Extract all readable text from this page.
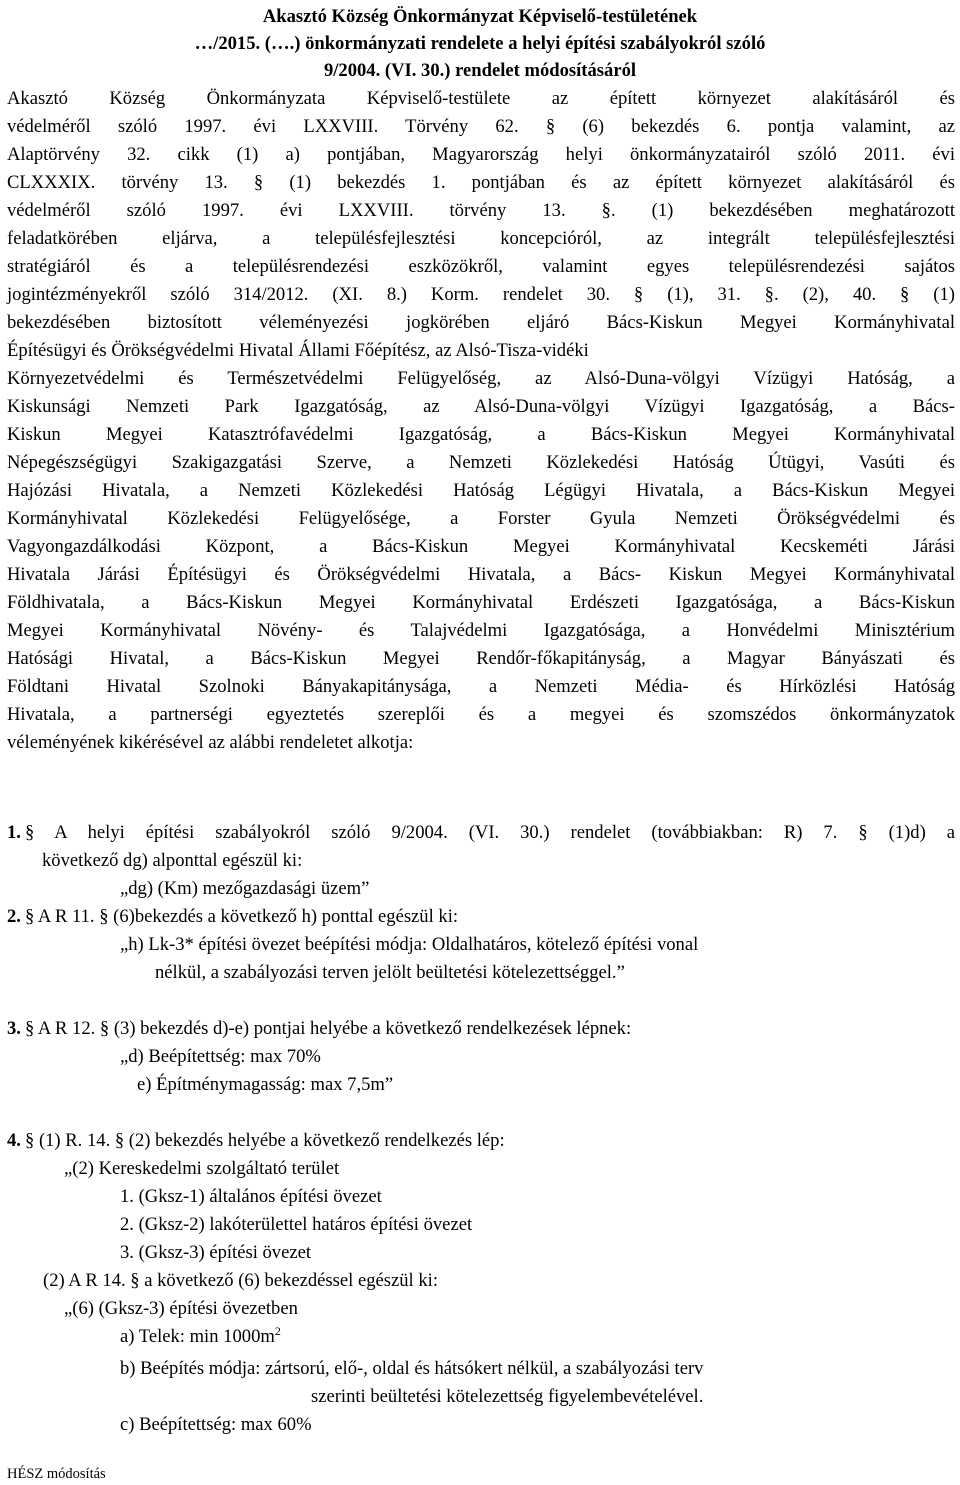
Akasztó Község Önkormányzat Képviselő-testületének
…/2015. (….) önkormányzati rendelete a helyi építési szabályokról szóló
9/2004. (VI. 30.) rendelet módosításáról
Akasztó Község Önkormányzata Képviselő-testülete az épített környezet alakításáról és
védelméről szóló 1997. évi LXXVIII. Törvény 62. § (6) bekezdés 6. pontja valamint, az
Alaptörvény 32. cikk (1) a) pontjában, Magyarország helyi önkormányzatairól szóló 2011. évi
CLXXXIX. törvény 13. § (1) bekezdés 1. pontjában és az épített környezet alakításáról és
védelméről szóló 1997. évi LXXVIII. törvény 13. §. (1) bekezdésében meghatározott
feladatkörében eljárva, a településfejlesztési koncepcióról, az integrált településfejlesztési
stratégiáról és a településrendezési eszközökről, valamint egyes településrendezési sajátos
jogintézményekről szóló 314/2012. (XI. 8.) Korm. rendelet 30. § (1), 31. §. (2), 40. § (1)
bekezdésében biztosított véleményezési jogkörében eljáró Bács-Kiskun Megyei Kormányhivatal
Építésügyi és Örökségvédelmi Hivatal Állami Főépítész, az Alsó-Tisza-vidéki
Környezetvédelmi és Természetvédelmi Felügyelőség, az Alsó-Duna-völgyi Vízügyi Hatóság, a
Kiskunsági Nemzeti Park Igazgatóság, az Alsó-Duna-völgyi Vízügyi Igazgatóság, a Bács-
Kiskun Megyei Katasztrófavédelmi Igazgatóság, a Bács-Kiskun Megyei Kormányhivatal
Népegészségügyi Szakigazgatási Szerve, a Nemzeti Közlekedési Hatóság Útügyi, Vasúti és
Hajózási Hivatala, a Nemzeti Közlekedési Hatóság Légügyi Hivatala, a Bács-Kiskun Megyei
Kormányhivatal Közlekedési Felügyelősége, a Forster Gyula Nemzeti Örökségvédelmi és
Vagyongazdálkodási Központ, a Bács-Kiskun Megyei Kormányhivatal Kecskeméti Járási
Hivatala Járási Építésügyi és Örökségvédelmi Hivatala, a Bács- Kiskun Megyei Kormányhivatal
Földhivatala, a Bács-Kiskun Megyei Kormányhivatal Erdészeti Igazgatósága, a Bács-Kiskun
Megyei Kormányhivatal Növény- és Talajvédelmi Igazgatósága, a Honvédelmi Minisztérium
Hatósági Hivatal, a Bács-Kiskun Megyei Rendőr-főkapitányság, a Magyar Bányászati és
Földtani Hivatal Szolnoki Bányakapitánysága, a Nemzeti Média- és Hírközlési Hatóság
Hivatala, a partnerségi egyeztetés szereplői és a megyei és szomszédos önkormányzatok
véleményének kikérésével az alábbi rendeletet alkotja:
1. § A helyi építési szabályokról szóló 9/2004. (VI. 30.) rendelet (továbbiakban: R) 7. § (1)d) a
következő dg) alponttal egészül ki:
„dg) (Km) mezőgazdasági üzem”
2. § A R 11. § (6)bekezdés a következő h) ponttal egészül ki:
„h) Lk-3* építési övezet beépítési módja: Oldalhatáros, kötelező építési vonal
nélkül, a szabályozási terven jelölt beültetési kötelezettséggel.”
3. § A R 12. § (3) bekezdés d)-e) pontjai helyébe a következő rendelkezések lépnek:
„d) Beépítettség: max 70%
e) Építménymagasság: max 7,5m”
4. § (1) R. 14. § (2) bekezdés helyébe a következő rendelkezés lép:
„(2) Kereskedelmi szolgáltató terület
1. (Gksz-1) általános építési övezet
2. (Gksz-2) lakóterülettel határos építési övezet
3. (Gksz-3) építési övezet
(2) A R 14. § a következő (6) bekezdéssel egészül ki:
„(6) (Gksz-3) építési övezetben
a) Telek: $\min 1000m^2$
b) Beépítés módja: zártsorú, elő-, oldal és hátsókert nélkül, a szabályozási terv
szerinti beültetési kötelezettség figyelembevételével.
c) Beépítettség: max 60%
HÉSZ módosítás
